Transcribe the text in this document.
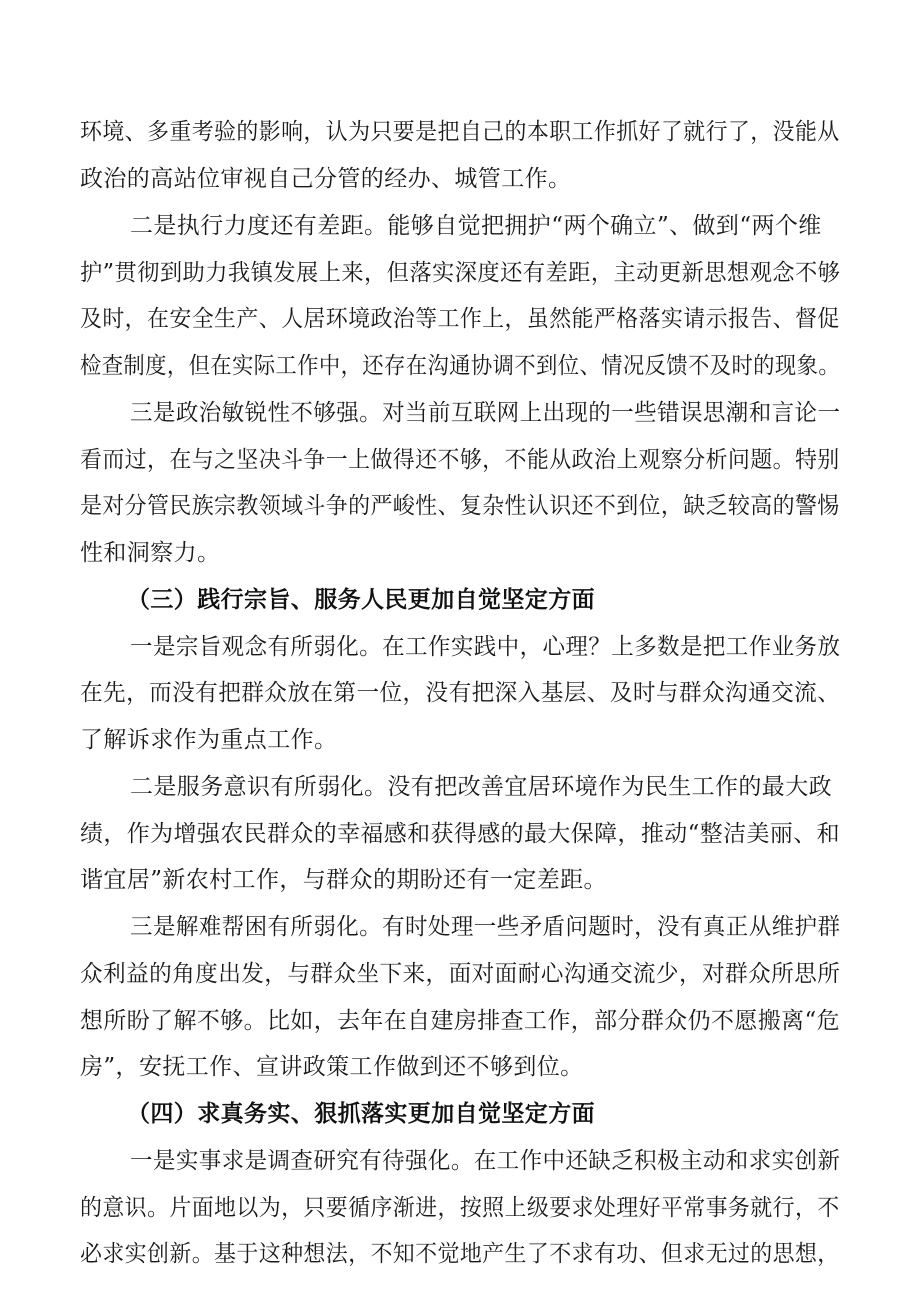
环境、多重考验的影响，认为只要是把自己的本职工作抓好了就行了，没能从
政治的高站位审视自己分管的经办、城管工作。
二是执行力度还有差距。能够自觉把拥护“两个确立”、做到“两个维
护”贯彻到助力我镇发展上来，但落实深度还有差距，主动更新思想观念不够
及时，在安全生产、人居环境政治等工作上，虽然能严格落实请示报告、督促
检查制度，但在实际工作中，还存在沟通协调不到位、情况反馈不及时的现象。
三是政治敏锐性不够强。对当前互联网上出现的一些错误思潮和言论一
看而过，在与之坚决斗争一上做得还不够，不能从政治上观察分析问题。特别
是对分管民族宗教领域斗争的严峻性、复杂性认识还不到位，缺乏较高的警惕
性和洞察力。
（三）践行宗旨、服务人民更加自觉坚定方面
一是宗旨观念有所弱化。在工作实践中，心理？上多数是把工作业务放
在先，而没有把群众放在第一位，没有把深入基层、及时与群众沟通交流、
了解诉求作为重点工作。
二是服务意识有所弱化。没有把改善宜居环境作为民生工作的最大政
绩，作为增强农民群众的幸福感和获得感的最大保障，推动“整洁美丽、和
谐宜居”新农村工作，与群众的期盼还有一定差距。
三是解难帮困有所弱化。有时处理一些矛盾问题时，没有真正从维护群
众利益的角度出发，与群众坐下来，面对面耐心沟通交流少，对群众所思所
想所盼了解不够。比如，去年在自建房排查工作，部分群众仍不愿搬离“危
房”，安抚工作、宣讲政策工作做到还不够到位。
（四）求真务实、狠抓落实更加自觉坚定方面
一是实事求是调查研究有待强化。在工作中还缺乏积极主动和求实创新
的意识。片面地以为，只要循序渐进，按照上级要求处理好平常事务就行，不
必求实创新。基于这种想法，不知不觉地产生了不求有功、但求无过的思想，
